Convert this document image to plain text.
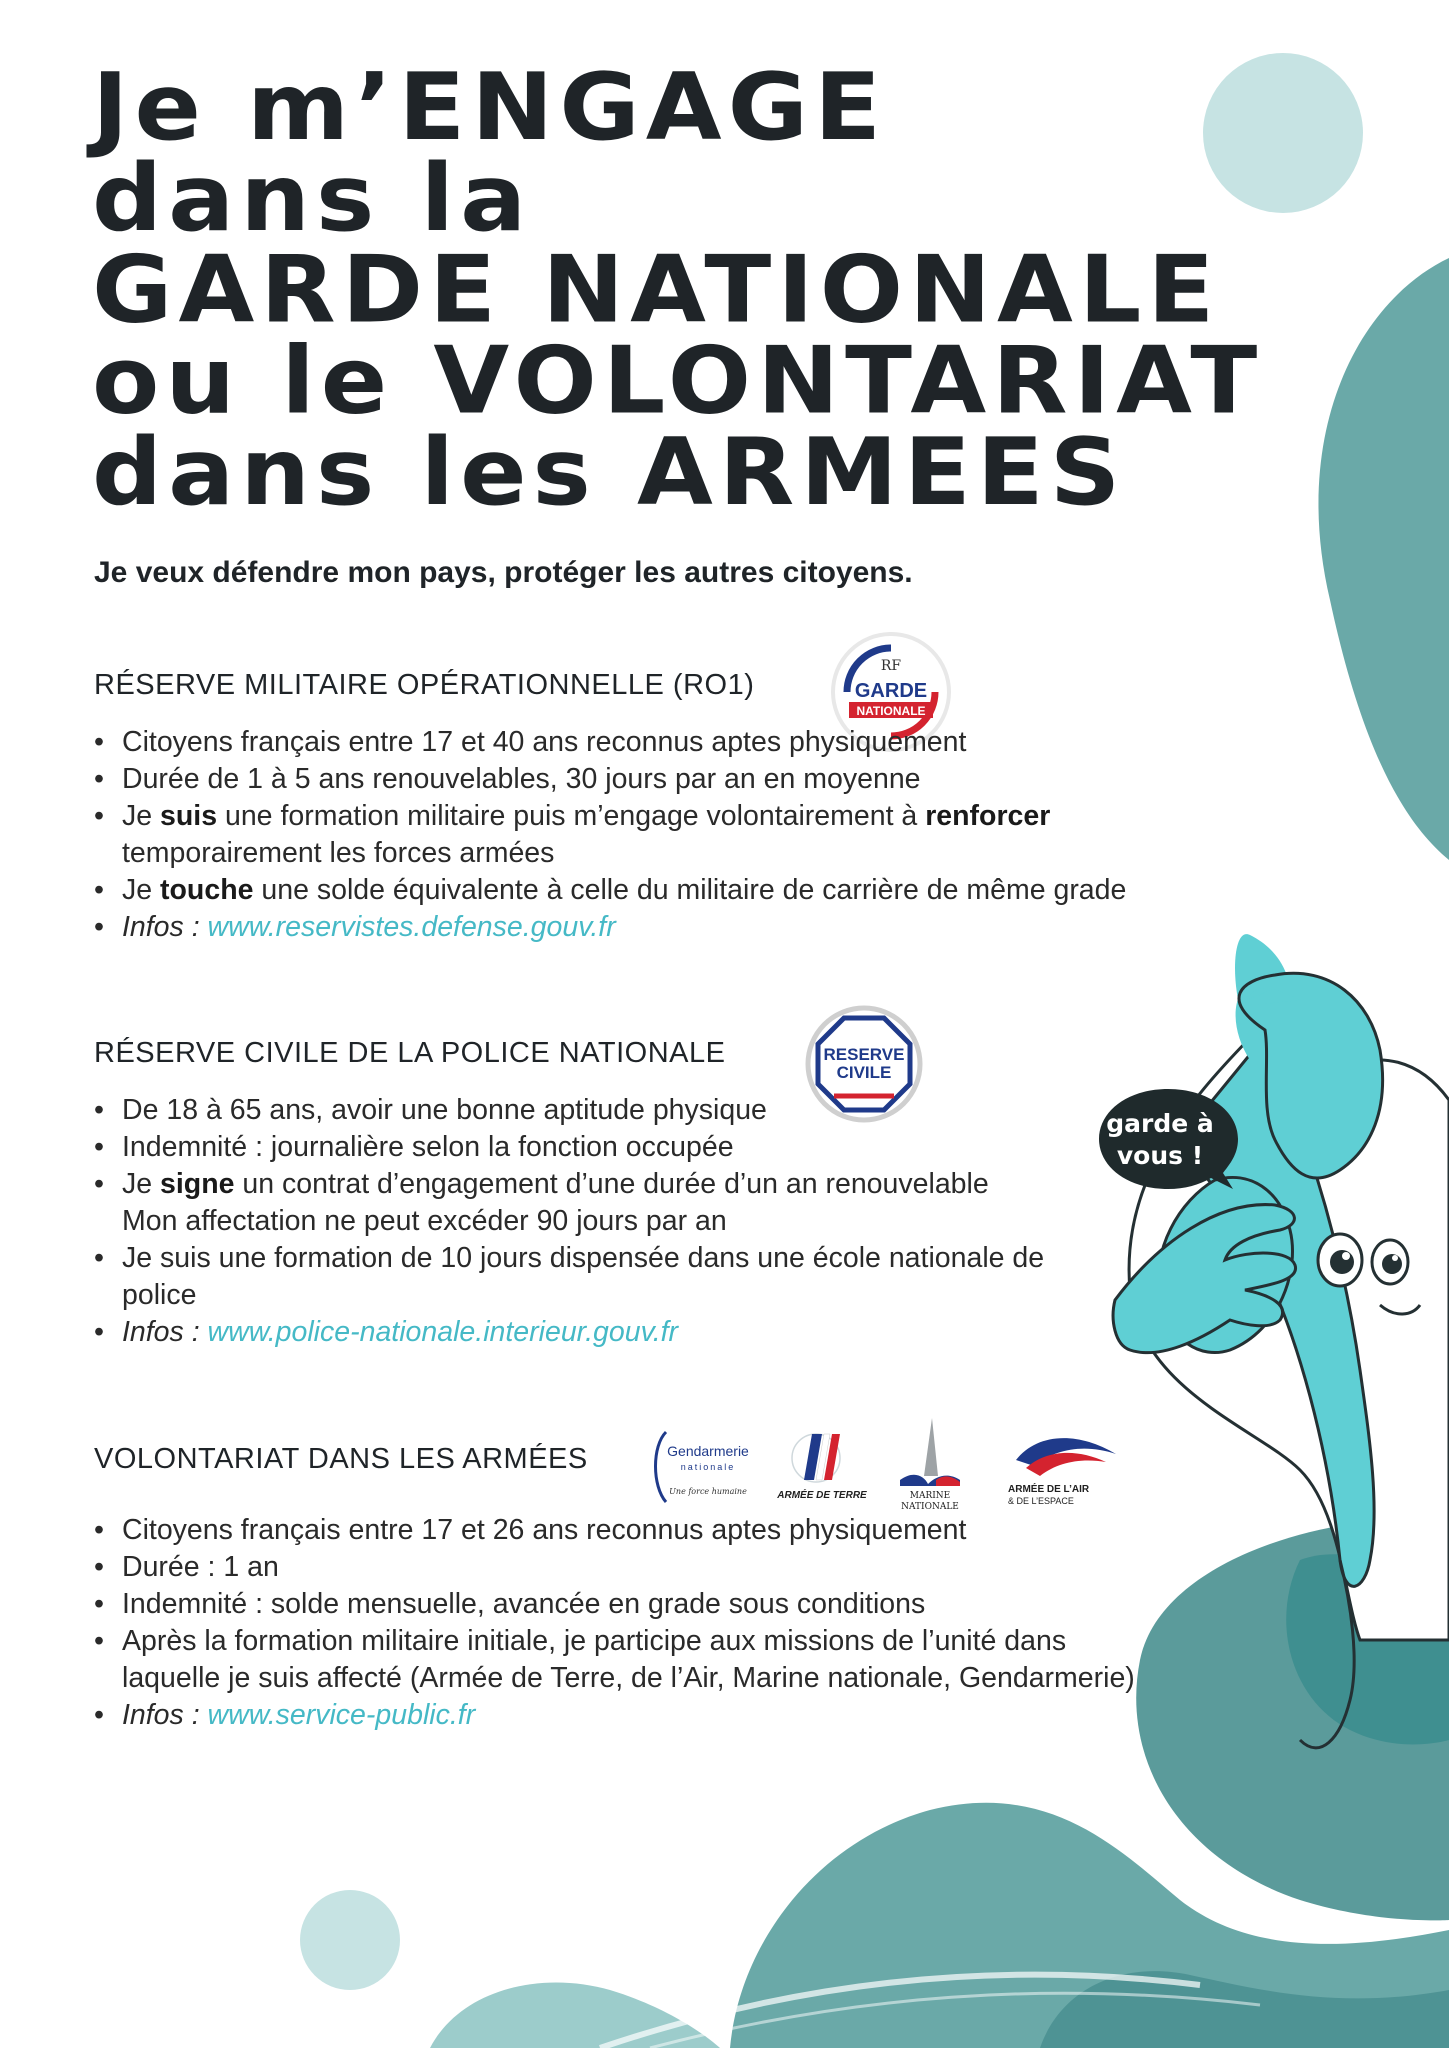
garde à
vous !
Je m’ENGAGE
dans la
GARDE NATIONALE
ou le VOLONTARIAT
dans les ARMEES
Je veux défendre mon pays, protéger les autres citoyens.
RÉSERVE MILITAIRE OPÉRATIONNELLE (RO1)
RF
GARDE
NATIONALE
• Citoyens français entre 17 et 40 ans reconnus aptes physiquement
• Durée de 1 à 5 ans renouvelables, 30 jours par an en moyenne
• Je suis une formation militaire puis m’engage volontairement à renforcer
temporairement les forces armées
• Je touche une solde équivalente à celle du militaire de carrière de même grade
• Infos : www.reservistes.defense.gouv.fr
RÉSERVE CIVILE DE LA POLICE NATIONALE	RESERVE
CIVILE
• De 18 à 65 ans, avoir une bonne aptitude physique
• Indemnité : journalière selon la fonction occupée
• Je signe un contrat d’engagement d’une durée d’un an renouvelable
Mon affectation ne peut excéder 90 jours par an
• Je suis une formation de 10 jours dispensée dans une école nationale de police
• Infos : www.police-nationale.interieur.gouv.fr
VOLONTARIAT DANS LES ARMÉES	Gendarmerie
nationale
Une force humaine	ARMÉE DE TERRE	MARINE
NATIONALE
ARMÉE DE L’AIR
& DE L’ESPACE
• Citoyens français entre 17 et 26 ans reconnus aptes physiquement
• Durée : 1 an
• Indemnité : solde mensuelle, avancée en grade sous conditions
• Après la formation militaire initiale, je participe aux missions de l’unité dans laquelle je suis affecté (Armée de Terre, de l’Air, Marine nationale, Gendarmerie)
• Infos : www.service-public.fr
